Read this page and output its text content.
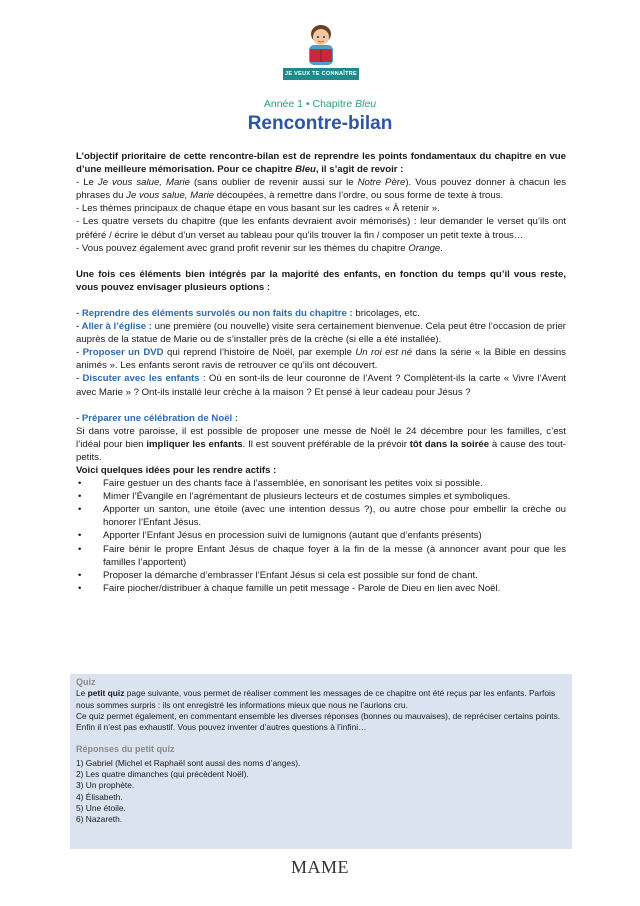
JE VEUX TE CONNAÎTRE
Année 1 • Chapitre Bleu
Rencontre-bilan

L’objectif prioritaire de cette rencontre-bilan est de reprendre les points fondamentaux du chapitre en vue d’une meilleure mémorisation. Pour ce chapitre Bleu, il s’agit de revoir :
- Le Je vous salue, Marie (sans oublier de revenir aussi sur le Notre Père). Vous pouvez donner à chacun les phrases du Je vous salue, Marie découpées, à remettre dans l’ordre, ou sous forme de texte à trous.
- Les thèmes principaux de chaque étape en vous basant sur les cadres « À retenir ».
- Les quatre versets du chapitre (que les enfants devraient avoir mémorisés) : leur demander le verset qu’ils ont préféré / écrire le début d’un verset au tableau pour qu’ils trouver la fin / composer un petit texte à trous…
- Vous pouvez également avec grand profit revenir sur les thèmes du chapitre Orange.

Une fois ces éléments bien intégrés par la majorité des enfants, en fonction du temps qu’il vous reste, vous pouvez envisager plusieurs options :

- Reprendre des éléments survolés ou non faits du chapitre : bricolages, etc.
- Aller à l’église : une première (ou nouvelle) visite sera certainement bienvenue. Cela peut être l’occasion de prier auprès de la statue de Marie ou de s’installer près de la crèche (si elle a été installée).
- Proposer un DVD qui reprend l’histoire de Noël, par exemple Un roi est né dans la série « la Bible en dessins animés ». Les enfants seront ravis de retrouver ce qu’ils ont découvert.
- Discuter avec les enfants : Où en sont-ils de leur couronne de l’Avent ? Complètent-ils la carte « Vivre l’Avent avec Marie » ? Ont-ils installé leur crèche à la maison ? Et pensé à leur cadeau pour Jésus ?

- Préparer une célébration de Noël :
Si dans votre paroisse, il est possible de proposer une messe de Noël le 24 décembre pour les familles, c’est l’idéal pour bien impliquer les enfants. Il est souvent préférable de la prévoir tôt dans la soirée à cause des tout-petits.
Voici quelques idées pour les rendre actifs :

• Faire gestuer un des chants face à l’assemblée, en sonorisant les petites voix si possible.
• Mimer l’Évangile en l’agrémentant de plusieurs lecteurs et de costumes simples et symboliques.
• Apporter un santon, une étoile (avec une intention dessus ?), ou autre chose pour embellir la crèche ou honorer l’Enfant Jésus.
• Apporter l’Enfant Jésus en procession suivi de lumignons (autant que d’enfants présents)
• Faire bénir le propre Enfant Jésus de chaque foyer à la fin de la messe (à annoncer avant pour que les familles l’apportent)
• Proposer la démarche d’embrasser l’Enfant Jésus si cela est possible sur fond de chant.
• Faire piocher/distribuer à chaque famille un petit message - Parole de Dieu en lien avec Noël.

Quiz

Le petit quiz page suivante, vous permet de réaliser comment les messages de ce chapitre ont été reçus par les enfants. Parfois nous sommes surpris : ils ont enregistré les informations mieux que nous ne l’aurions cru.

Ce quiz permet également, en commentant ensemble les diverses réponses (bonnes ou mauvaises), de repréciser certains points. Enfin il n’est pas exhaustif. Vous pouvez inventer d’autres questions à l’infini…

Réponses du petit quiz

1) Gabriel (Michel et Raphaël sont aussi des noms d’anges).

2) Les quatre dimanches (qui précèdent Noël).

3) Un prophète.

4) Élisabeth.

5) Une étoile.

6) Nazareth.

MAME
